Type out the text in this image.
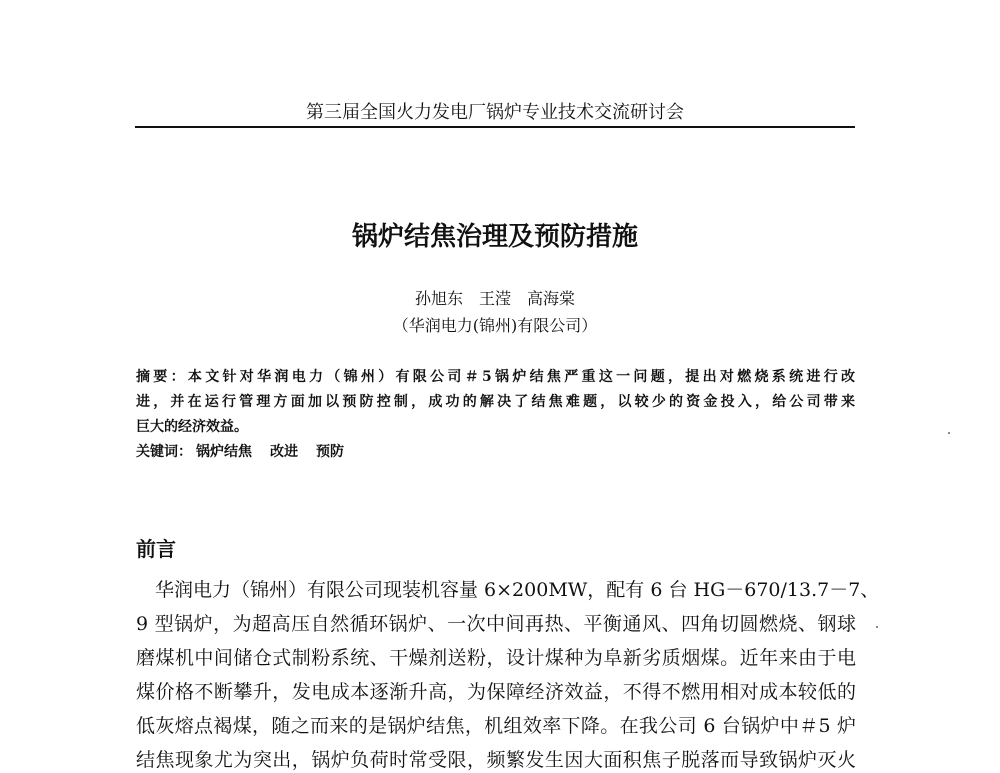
第三届全国火力发电厂锅炉专业技术交流研讨会
锅炉结焦治理及预防措施
孙旭东　王滢　高海棠
（华润电力(锦州)有限公司）
摘要：本文针对华润电力（锦州）有限公司＃5锅炉结焦严重这一问题，提出对燃烧系统进行改
进，并在运行管理方面加以预防控制，成功的解决了结焦难题，以较少的资金投入，给公司带来
巨大的经济效益。
关键词： 锅炉结焦 改进 预防
前言
　华润电力（锦州）有限公司现装机容量 6×200MW，配有 6 台 HG－670/13.7－7、
9 型锅炉，为超高压自然循环锅炉、一次中间再热、平衡通风、四角切圆燃烧、钢球
磨煤机中间储仓式制粉系统、干燥剂送粉，设计煤种为阜新劣质烟煤。近年来由于电
煤价格不断攀升，发电成本逐渐升高，为保障经济效益，不得不燃用相对成本较低的
低灰熔点褐煤，随之而来的是锅炉结焦，机组效率下降。在我公司 6 台锅炉中＃5 炉
结焦现象尤为突出，锅炉负荷时常受限，频繁发生因大面积焦子脱落而导致锅炉灭火
